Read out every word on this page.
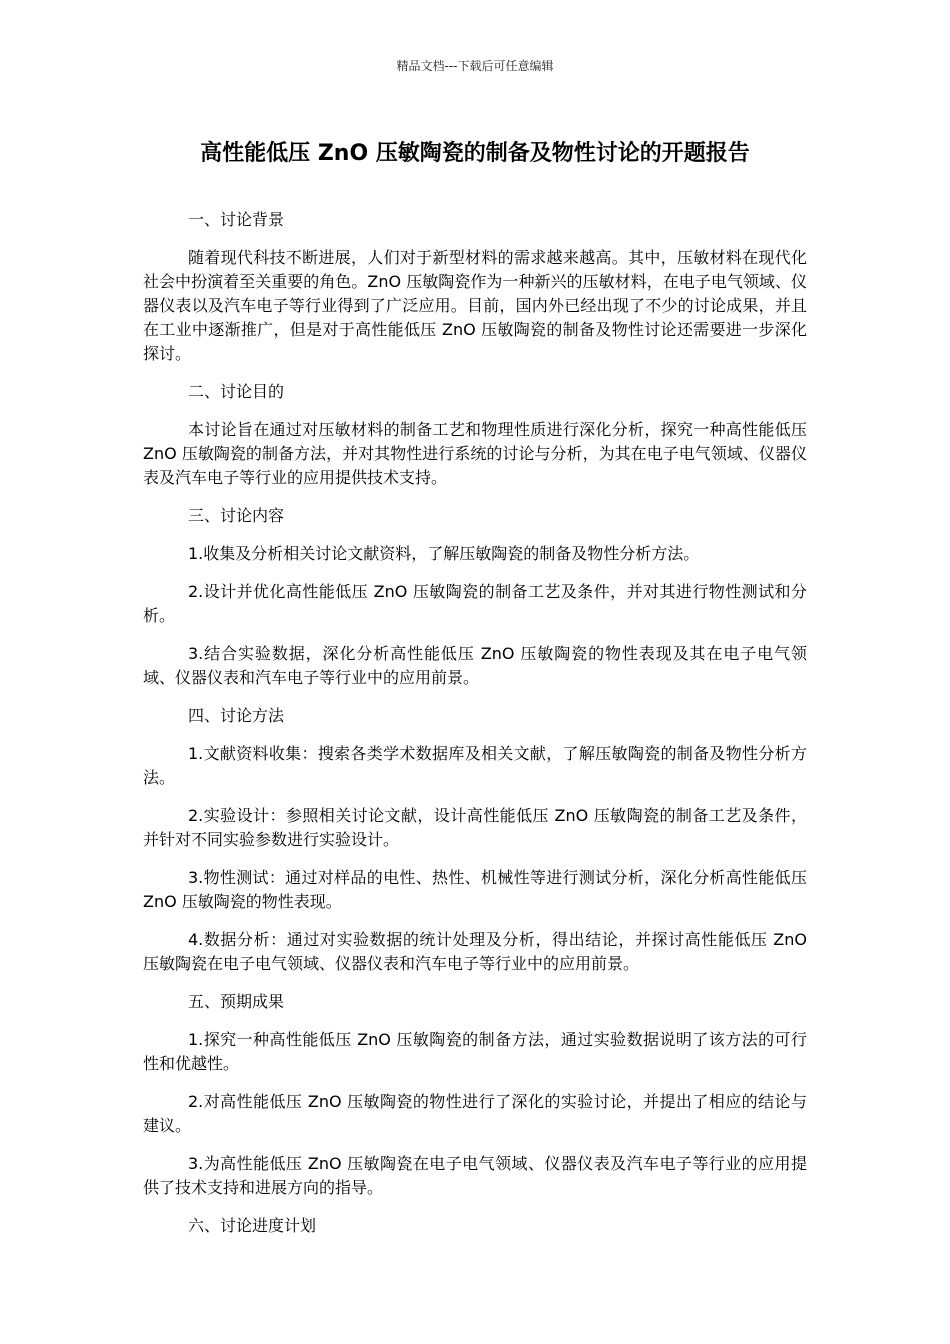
精品文档---下载后可任意编辑
高性能低压 ZnO 压敏陶瓷的制备及物性讨论的开题报告
一、讨论背景

随着现代科技不断进展，人们对于新型材料的需求越来越高。其中，压敏材料在现代化社会中扮演着至关重要的角色。ZnO 压敏陶瓷作为一种新兴的压敏材料，在电子电气领域、仪器仪表以及汽车电子等行业得到了广泛应用。目前，国内外已经出现了不少的讨论成果，并且在工业中逐渐推广，但是对于高性能低压 ZnO 压敏陶瓷的制备及物性讨论还需要进一步深化探讨。

二、讨论目的

本讨论旨在通过对压敏材料的制备工艺和物理性质进行深化分析，探究一种高性能低压 ZnO 压敏陶瓷的制备方法，并对其物性进行系统的讨论与分析，为其在电子电气领域、仪器仪表及汽车电子等行业的应用提供技术支持。

三、讨论内容

1.收集及分析相关讨论文献资料，了解压敏陶瓷的制备及物性分析方法。

2.设计并优化高性能低压 ZnO 压敏陶瓷的制备工艺及条件，并对其进行物性测试和分析。

3.结合实验数据，深化分析高性能低压 ZnO 压敏陶瓷的物性表现及其在电子电气领域、仪器仪表和汽车电子等行业中的应用前景。

四、讨论方法

1.文献资料收集：搜索各类学术数据库及相关文献，了解压敏陶瓷的制备及物性分析方法。

2.实验设计：参照相关讨论文献，设计高性能低压 ZnO 压敏陶瓷的制备工艺及条件，并针对不同实验参数进行实验设计。

3.物性测试：通过对样品的电性、热性、机械性等进行测试分析，深化分析高性能低压 ZnO 压敏陶瓷的物性表现。

4.数据分析：通过对实验数据的统计处理及分析，得出结论，并探讨高性能低压 ZnO 压敏陶瓷在电子电气领域、仪器仪表和汽车电子等行业中的应用前景。

五、预期成果

1.探究一种高性能低压 ZnO 压敏陶瓷的制备方法，通过实验数据说明了该方法的可行性和优越性。

2.对高性能低压 ZnO 压敏陶瓷的物性进行了深化的实验讨论，并提出了相应的结论与建议。

3.为高性能低压 ZnO 压敏陶瓷在电子电气领域、仪器仪表及汽车电子等行业的应用提供了技术支持和进展方向的指导。

六、讨论进度计划
